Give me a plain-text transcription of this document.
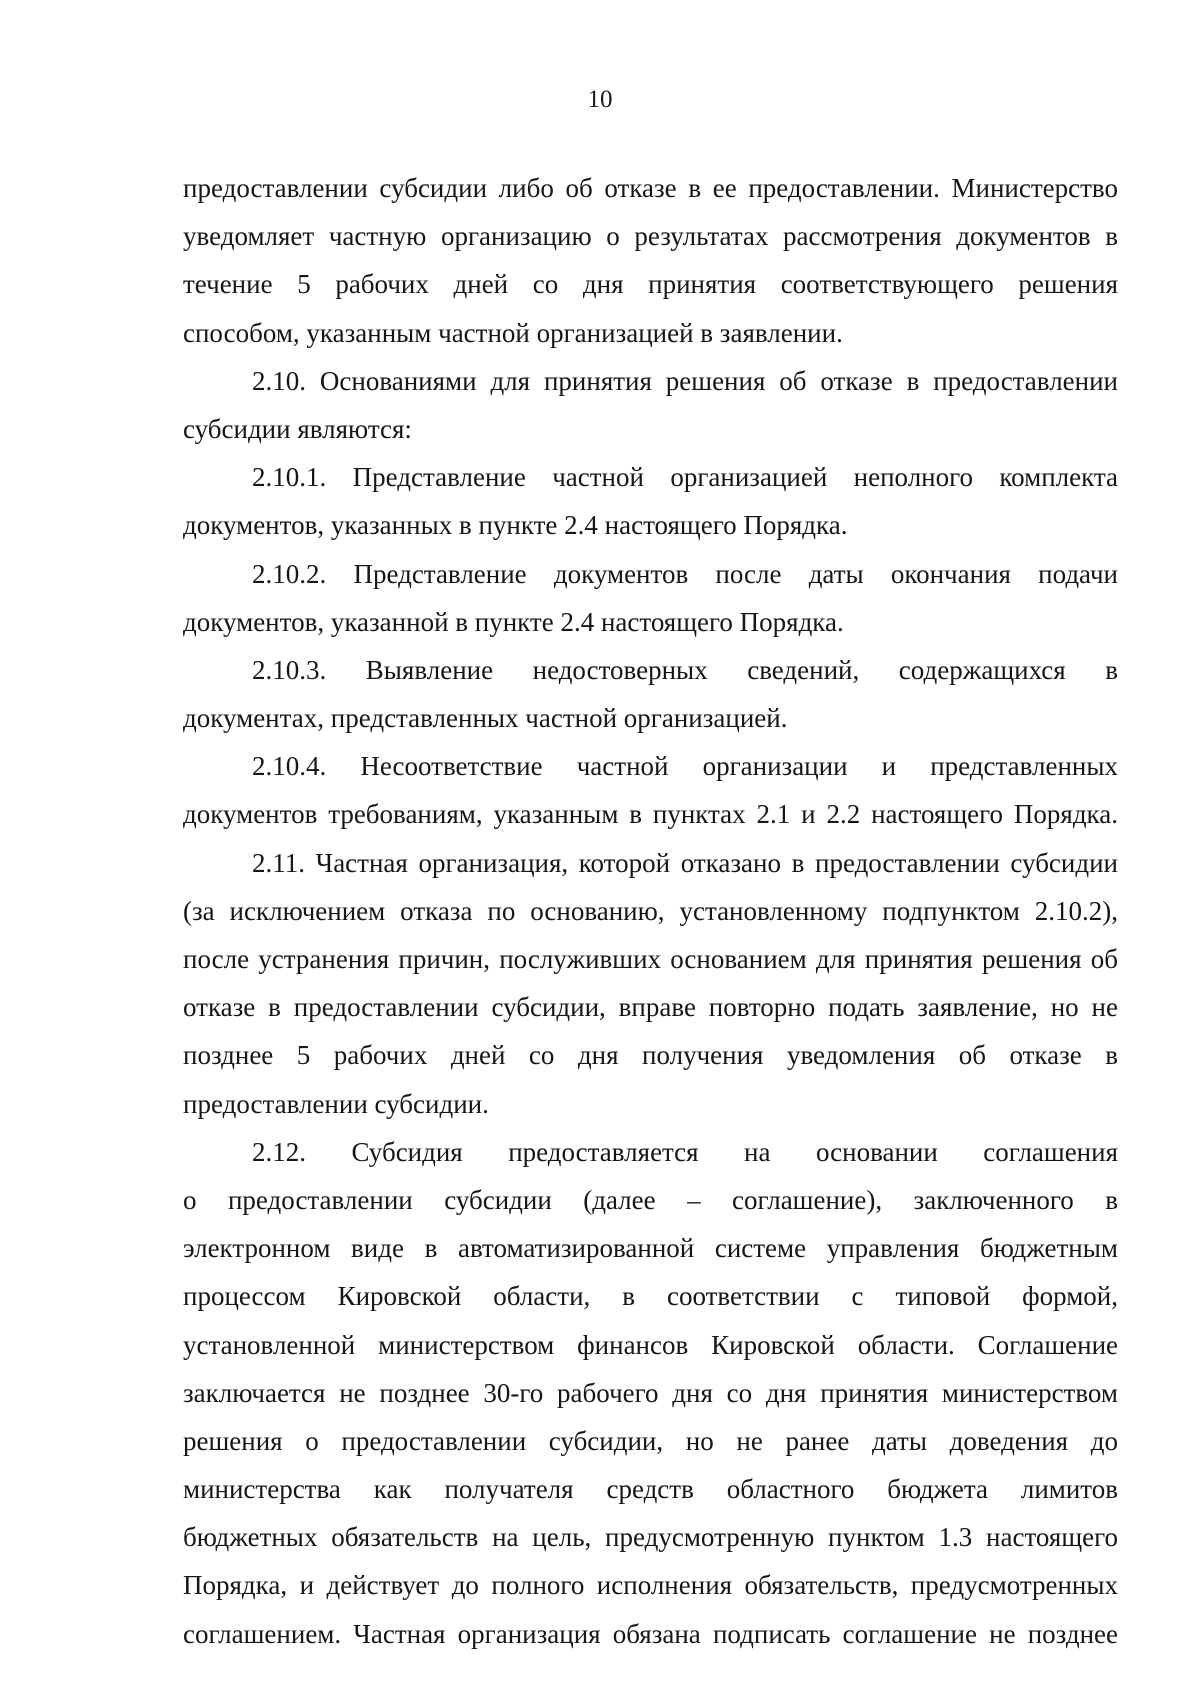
10
предоставлении субсидии либо об отказе в ее предоставлении. Министерство
уведомляет частную организацию о результатах рассмотрения документов в
течение 5 рабочих дней со дня принятия соответствующего решения
способом, указанным частной организацией в заявлении.
2.10. Основаниями для принятия решения об отказе в предоставлении
субсидии являются:
2.10.1. Представление частной организацией неполного комплекта
документов, указанных в пункте 2.4 настоящего Порядка.
2.10.2. Представление документов после даты окончания подачи
документов, указанной в пункте 2.4 настоящего Порядка.
2.10.3. Выявление недостоверных сведений, содержащихся в
документах, представленных частной организацией.
2.10.4. Несоответствие частной организации и представленных
документов требованиям, указанным в пунктах 2.1 и 2.2 настоящего Порядка.
2.11. Частная организация, которой отказано в предоставлении субсидии
(за исключением отказа по основанию, установленному подпунктом 2.10.2),
после устранения причин, послуживших основанием для принятия решения об
отказе в предоставлении субсидии, вправе повторно подать заявление, но не
позднее 5 рабочих дней со дня получения уведомления об отказе в
предоставлении субсидии.
2.12. Субсидия предоставляется на основании соглашения
о предоставлении субсидии (далее – соглашение), заключенного в
электронном виде в автоматизированной системе управления бюджетным
процессом Кировской области, в соответствии с типовой формой,
установленной министерством финансов Кировской области. Соглашение
заключается не позднее 30-го рабочего дня со дня принятия министерством
решения о предоставлении субсидии, но не ранее даты доведения до
министерства как получателя средств областного бюджета лимитов
бюджетных обязательств на цель, предусмотренную пунктом 1.3 настоящего
Порядка, и действует до полного исполнения обязательств, предусмотренных
соглашением. Частная организация обязана подписать соглашение не позднее
